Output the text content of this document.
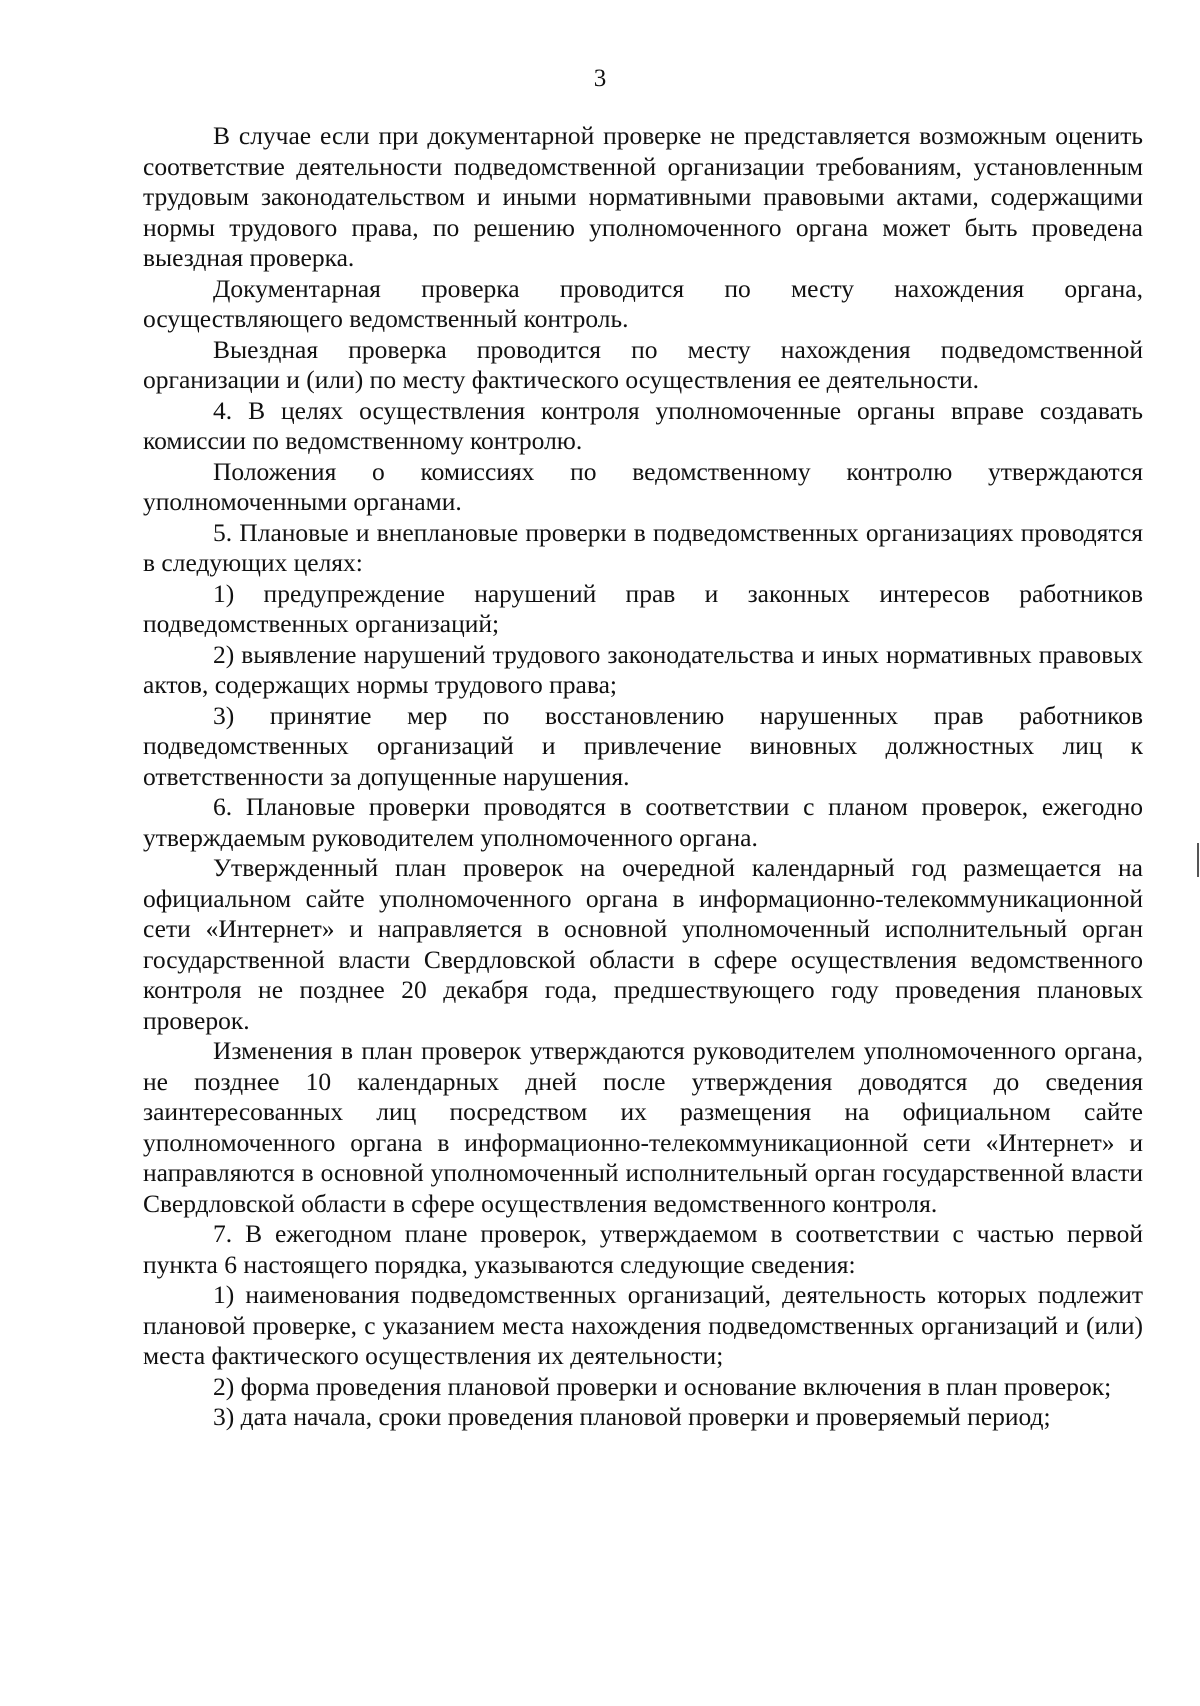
3

В случае если при документарной проверке не представляется возможным оценить соответствие деятельности подведомственной организации требованиям, установленным трудовым законодательством и иными нормативными правовыми актами, содержащими нормы трудового права, по решению уполномоченного органа может быть проведена выездная проверка.

Документарная проверка проводится по месту нахождения органа, осуществляющего ведомственный контроль.

Выездная проверка проводится по месту нахождения подведомственной организации и (или) по месту фактического осуществления ее деятельности.

4. В целях осуществления контроля уполномоченные органы вправе создавать комиссии по ведомственному контролю.

Положения о комиссиях по ведомственному контролю утверждаются уполномоченными органами.

5. Плановые и внеплановые проверки в подведомственных организациях проводятся в следующих целях:

1) предупреждение нарушений прав и законных интересов работников подведомственных организаций;

2) выявление нарушений трудового законодательства и иных нормативных правовых актов, содержащих нормы трудового права;

3) принятие мер по восстановлению нарушенных прав работников подведомственных организаций и привлечение виновных должностных лиц к ответственности за допущенные нарушения.

6. Плановые проверки проводятся в соответствии с планом проверок, ежегодно утверждаемым руководителем уполномоченного органа.

Утвержденный план проверок на очередной календарный год размещается на официальном сайте уполномоченного органа в информационно-телекоммуникационной сети «Интернет» и направляется в основной уполномоченный исполнительный орган государственной власти Свердловской области в сфере осуществления ведомственного контроля не позднее 20 декабря года, предшествующего году проведения плановых проверок.

Изменения в план проверок утверждаются руководителем уполномоченного органа, не позднее 10 календарных дней после утверждения доводятся до сведения заинтересованных лиц посредством их размещения на официальном сайте уполномоченного органа в информационно-телекоммуникационной сети «Интернет» и направляются в основной уполномоченный исполнительный орган государственной власти Свердловской области в сфере осуществления ведомственного контроля.

7. В ежегодном плане проверок, утверждаемом в соответствии с частью первой пункта 6 настоящего порядка, указываются следующие сведения:

1) наименования подведомственных организаций, деятельность которых подлежит плановой проверке, с указанием места нахождения подведомственных организаций и (или) места фактического осуществления их деятельности;

2) форма проведения плановой проверки и основание включения в план проверок;

3) дата начала, сроки проведения плановой проверки и проверяемый период;
